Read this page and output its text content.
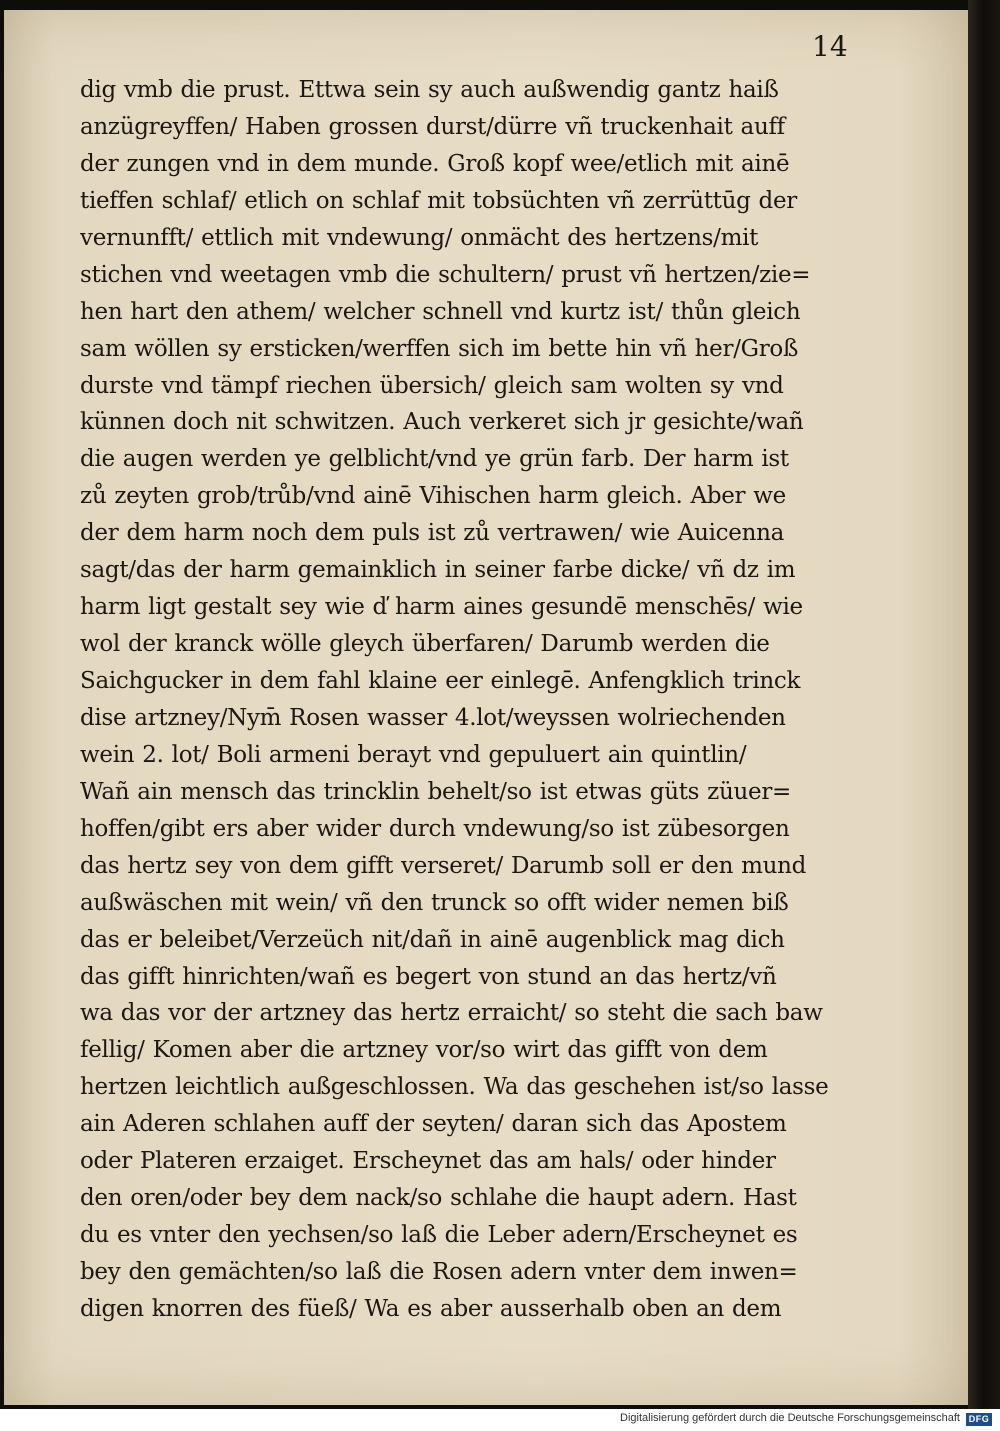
14
dig vmb die prust. Ettwa sein sy auch außwendig gantz haiß
anzügreyffen/ Haben grossen durst/dürre vñ truckenhait auff
der zungen vnd in dem munde. Groß kopf wee/etlich mit ainē
tieffen schlaf/ etlich on schlaf mit tobsüchten vñ zerrüttūg der
vernunfft/ ettlich mit vndewung/ onmächt des hertzens/mit
stichen vnd weetagen vmb die schultern/ prust vñ hertzen/zie=
hen hart den athem/ welcher schnell vnd kurtz ist/ thůn gleich
sam wöllen sy ersticken/werffen sich im bette hin vñ her/Groß
durste vnd tämpf riechen übersich/ gleich sam wolten sy vnd
künnen doch nit schwitzen. Auch verkeret sich jr gesichte/wañ
die augen werden ye gelblicht/vnd ye grün farb. Der harm ist
zů zeyten grob/trůb/vnd ainē Vihischen harm gleich. Aber we
der dem harm noch dem puls ist zů vertrawen/ wie Auicenna
sagt/das der harm gemainklich in seiner farbe dicke/ vñ dz im
harm ligt gestalt sey wie ď harm aines gesundē menschēs/ wie
wol der kranck wölle gleych überfaren/ Darumb werden die
Saichgucker in dem fahl klaine eer einlegē. Anfengklich trinck
dise artzney/Nym̄ Rosen wasser 4.lot/weyssen wolriechenden
wein 2. lot/ Boli armeni berayt vnd gepuluert ain quintlin/
Wañ ain mensch das trincklin behelt/so ist etwas güts züuer=
hoffen/gibt ers aber wider durch vndewung/so ist zübesorgen
das hertz sey von dem gifft verseret/ Darumb soll er den mund
außwäschen mit wein/ vñ den trunck so offt wider nemen biß
das er beleibet/Verzeüch nit/dañ in ainē augenblick mag dich
das gifft hinrichten/wañ es begert von stund an das hertz/vñ
wa das vor der artzney das hertz erraicht/ so steht die sach baw
fellig/ Komen aber die artzney vor/so wirt das gifft von dem
hertzen leichtlich außgeschlossen. Wa das geschehen ist/so lasse
ain Aderen schlahen auff der seyten/ daran sich das Apostem
oder Plateren erzaiget. Erscheynet das am hals/ oder hinder
den oren/oder bey dem nack/so schlahe die haupt adern. Hast
du es vnter den yechsen/so laß die Leber adern/Erscheynet es
bey den gemächten/so laß die Rosen adern vnter dem inwen=
digen knorren des füeß/ Wa es aber ausserhalb oben an dem
Digitalisierung gefördert durch die Deutsche Forschungsgemeinschaft DFG
